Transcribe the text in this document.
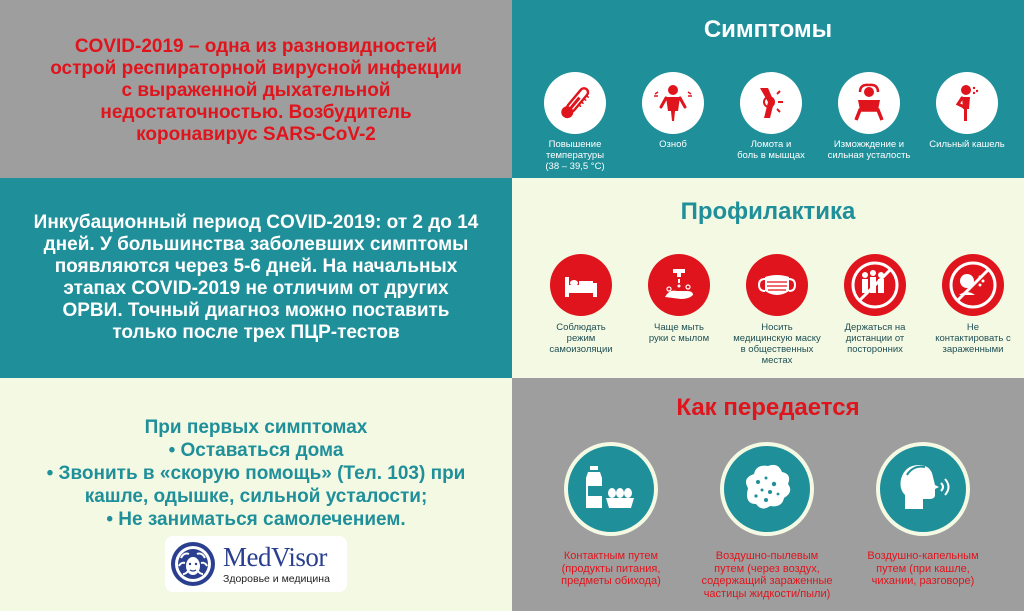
COVID-2019 – одна из разновидностей
острой респираторной вирусной инфекции
с выраженной дыхательной
недостаточностью. Возбудитель
коронавирус SARS-CoV-2
Инкубационный период COVID-2019: от 2 до 14
дней. У большинства заболевших симптомы
появляются через 5-6 дней. На начальных
этапах COVID-2019 не отличим от других
ОРВИ. Точный диагноз можно поставить
только после трех ПЦР-тестов
При первых симптомах
• Оставаться дома
• Звонить в «скорую помощь» (Тел. 103) при
кашле, одышке, сильной усталости;
• Не заниматься самолечением.
MedVisor
Здоровье и медицина
Симптомы
Повышение
температуры
(38 – 39,5 °C)
Озноб	Ломота и
боль в мышцах
Изможждение и
сильная усталость
Сильный кашель
Профилактика
Соблюдать
режим
самоизоляции
Чаще мыть
руки с мылом
Носить
медицинскую маску
в общественных
местах
Держаться на
дистанции от
посторонних
Не
контактировать с
зараженными
Как передается
Контактным путем
(продукты питания,
предметы обихода)
Воздушно-пылевым
путем (через воздух,
содержащий зараженные
частицы жидкости/пыли)
Воздушно-капельным
путем (при кашле,
чихании, разговоре)
